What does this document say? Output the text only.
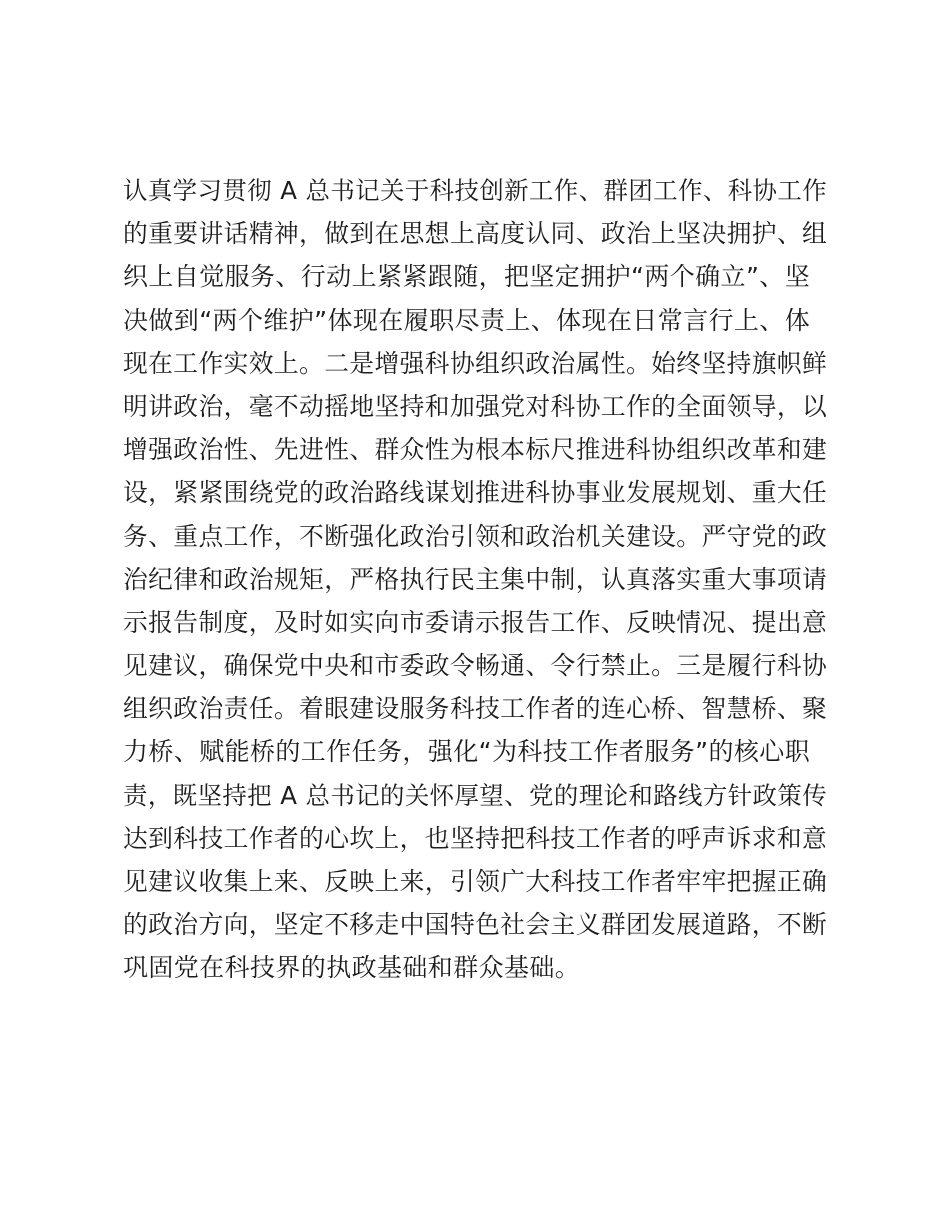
认真学习贯彻 A 总书记关于科技创新工作、群团工作、科协工作
的重要讲话精神，做到在思想上高度认同、政治上坚决拥护、组
织上自觉服务、行动上紧紧跟随，把坚定拥护“两个确立”、坚
决做到“两个维护”体现在履职尽责上、体现在日常言行上、体
现在工作实效上。二是增强科协组织政治属性。始终坚持旗帜鲜
明讲政治，毫不动摇地坚持和加强党对科协工作的全面领导，以
增强政治性、先进性、群众性为根本标尺推进科协组织改革和建
设，紧紧围绕党的政治路线谋划推进科协事业发展规划、重大任
务、重点工作，不断强化政治引领和政治机关建设。严守党的政
治纪律和政治规矩，严格执行民主集中制，认真落实重大事项请
示报告制度，及时如实向市委请示报告工作、反映情况、提出意
见建议，确保党中央和市委政令畅通、令行禁止。三是履行科协
组织政治责任。着眼建设服务科技工作者的连心桥、智慧桥、聚
力桥、赋能桥的工作任务，强化“为科技工作者服务”的核心职
责，既坚持把 A 总书记的关怀厚望、党的理论和路线方针政策传
达到科技工作者的心坎上，也坚持把科技工作者的呼声诉求和意
见建议收集上来、反映上来，引领广大科技工作者牢牢把握正确
的政治方向，坚定不移走中国特色社会主义群团发展道路，不断
巩固党在科技界的执政基础和群众基础。
